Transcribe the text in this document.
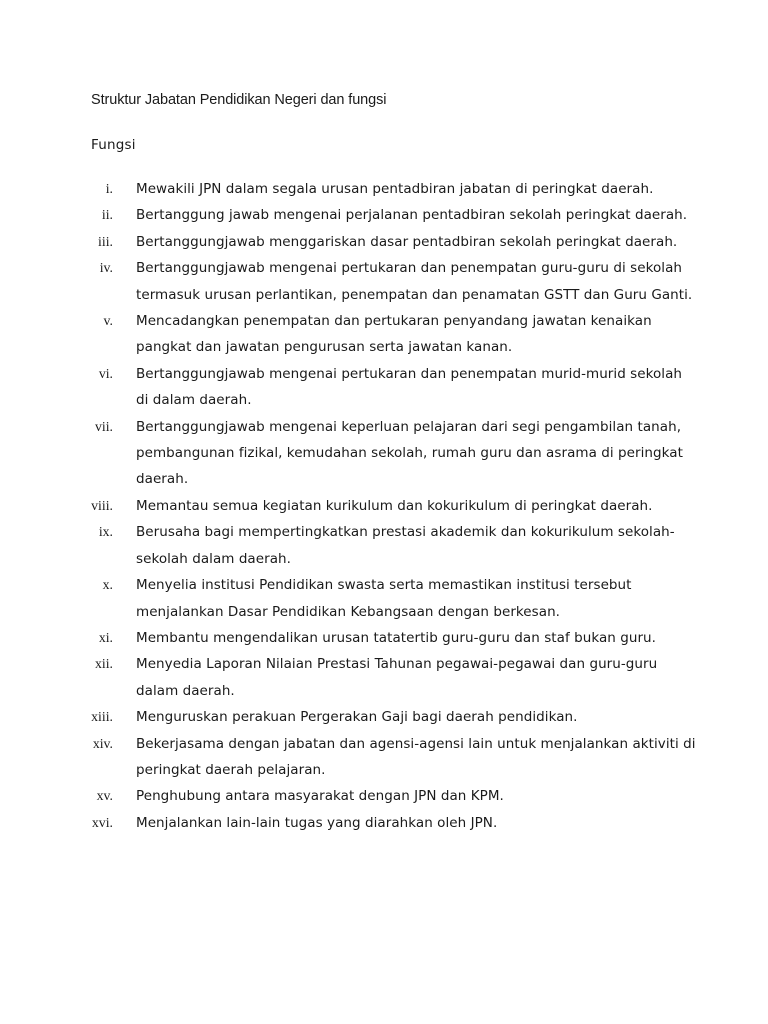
Struktur Jabatan Pendidikan Negeri dan fungsi
Fungsi
i. Mewakili JPN dalam segala urusan pentadbiran jabatan di peringkat daerah.
ii. Bertanggung jawab mengenai perjalanan pentadbiran sekolah peringkat daerah.
iii. Bertanggungjawab menggariskan dasar pentadbiran sekolah peringkat daerah.
iv. Bertanggungjawab mengenai pertukaran dan penempatan guru-guru di sekolah termasuk urusan perlantikan, penempatan dan penamatan GSTT dan Guru Ganti.
v. Mencadangkan penempatan dan pertukaran penyandang jawatan kenaikan pangkat dan jawatan pengurusan serta jawatan kanan.
vi. Bertanggungjawab mengenai pertukaran dan penempatan murid-murid sekolah di dalam daerah.
vii. Bertanggungjawab mengenai keperluan pelajaran dari segi pengambilan tanah, pembangunan fizikal, kemudahan sekolah, rumah guru dan asrama di peringkat daerah.
viii. Memantau semua kegiatan kurikulum dan kokurikulum di peringkat daerah.
ix. Berusaha bagi mempertingkatkan prestasi akademik dan kokurikulum sekolah-sekolah dalam daerah.
x. Menyelia institusi Pendidikan swasta serta memastikan institusi tersebut menjalankan Dasar Pendidikan Kebangsaan dengan berkesan.
xi. Membantu mengendalikan urusan tatatertib guru-guru dan staf bukan guru.
xii. Menyedia Laporan Nilaian Prestasi Tahunan pegawai-pegawai dan guru-guru dalam daerah.
xiii. Menguruskan perakuan Pergerakan Gaji bagi daerah pendidikan.
xiv. Bekerjasama dengan jabatan dan agensi-agensi lain untuk menjalankan aktiviti di peringkat daerah pelajaran.
xv. Penghubung antara masyarakat dengan JPN dan KPM.
xvi. Menjalankan lain-lain tugas yang diarahkan oleh JPN.
